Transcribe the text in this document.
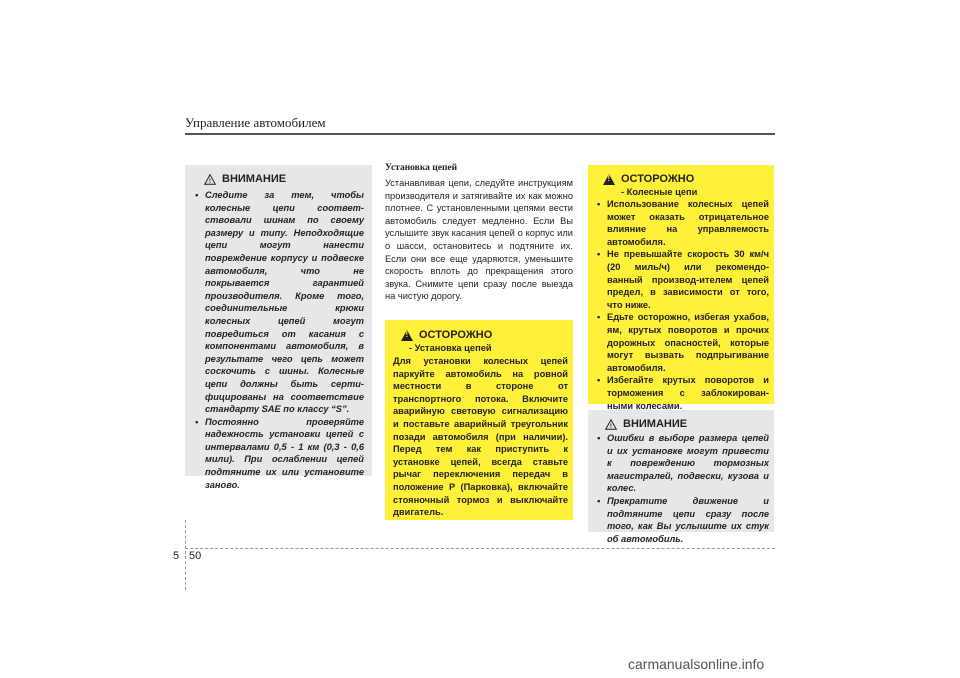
Управление автомобилем
! ВНИМАНИЕ
• Следите за тем, чтобы колесные цепи соответ- ствовали шинам по своему размеру и типу. Неподходящие цепи могут нанести повреждение корпусу и подвеске автомобиля, что не покрывается гарантией производителя. Кроме того, соединительные крюки колесных цепей могут повредиться от касания с компонентами автомобиля, в результате чего цепь может соскочить с шины. Колесные цепи должны быть серти- фицированы на соответствие стандарту SAE по классу “S”.
• Постоянно проверяйте надежность установки цепей с интервалами 0,5 - 1 км (0,3 - 0,6 мили). При ослаблении цепей подтяните их или установите заново.
Установка цепей
Устанавливая цепи, следуйте инструкциям производителя и затягивайте их как можно плотнее. С установленными цепями вести автомобиль следует медленно. Если Вы услышите звук касания цепей о корпус или о шасси, остановитесь и подтяните их. Если они все еще ударяются, уменьшите скорость вплоть до прекращения этого звука. Снимите цепи сразу после выезда на чистую дорогу.
!
ОСТОРОЖНО
- Установка цепей
Для установки колесных цепей паркуйте автомобиль на ровной местности в стороне от транспортного потока. Включите аварийную световую сигнализацию и поставьте аварийный треугольник позади автомобиля (при наличии). Перед тем как приступить к установке цепей, всегда ставьте рычаг переключения передач в положение P (Парковка), включайте стояночный тормоз и выключайте двигатель.
!
ОСТОРОЖНО
- Колесные цепи
• Использование колесных цепей может оказать отрицательное влияние на управляемость автомобиля.
• Не превышайте скорость 30 км/ч (20 миль/ч) или рекомендо- ванный производ-ителем цепей предел, в зависимости от того, что ниже.
• Едьте осторожно, избегая ухабов, ям, крутых поворотов и прочих дорожных опасностей, которые могут вызвать подпрыгивание автомобиля.
• Избегайте крутых поворотов и торможения с заблокирован- ными колесами.
! ВНИМАНИЕ
• Ошибки в выборе размера цепей и их установке могут привести к повреждению тормозных магистралей, подвески, кузова и колес.
• Прекратите движение и подтяните цепи сразу после того, как Вы услышите их стук об автомобиль.
5 50
carmanualsonline.info
